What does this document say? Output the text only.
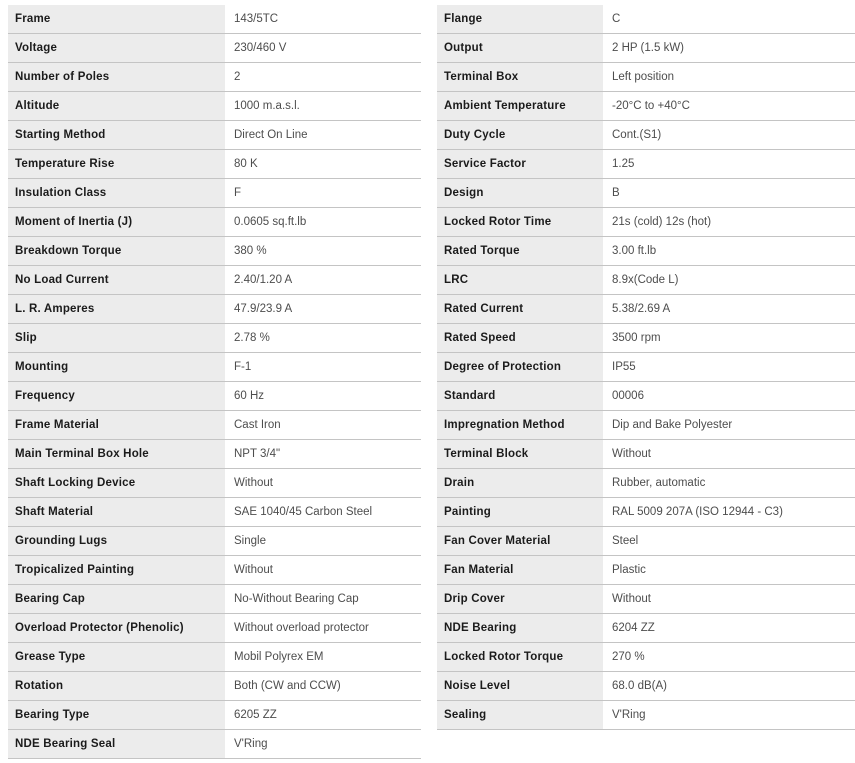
Frame	143/5TC
Voltage	230/460 V
Number of Poles	2
Altitude	1000 m.a.s.l.
Starting Method	Direct On Line
Temperature Rise	80 K
Insulation Class	F
Moment of Inertia (J)	0.0605 sq.ft.lb
Breakdown Torque	380 %
No Load Current	2.40/1.20 A
L. R. Amperes	47.9/23.9 A
Slip	2.78 %
Mounting	F-1
Frequency	60 Hz
Frame Material	Cast Iron
Main Terminal Box Hole	NPT 3/4"
Shaft Locking Device	Without
Shaft Material	SAE 1040/45 Carbon Steel
Grounding Lugs	Single
Tropicalized Painting	Without
Bearing Cap	No-Without Bearing Cap
Overload Protector (Phenolic)	Without overload protector
Grease Type	Mobil Polyrex EM
Rotation	Both (CW and CCW)
Bearing Type	6205 ZZ
NDE Bearing Seal	V'Ring
Flange	C
Output	2 HP (1.5 kW)
Terminal Box	Left position
Ambient Temperature	-20°C to +40°C
Duty Cycle	Cont.(S1)
Service Factor	1.25
Design	B
Locked Rotor Time	21s (cold) 12s (hot)
Rated Torque	3.00 ft.lb
LRC	8.9x(Code L)
Rated Current	5.38/2.69 A
Rated Speed	3500 rpm
Degree of Protection	IP55
Standard	00006
Impregnation Method	Dip and Bake Polyester
Terminal Block	Without
Drain	Rubber, automatic
Painting	RAL 5009 207A (ISO 12944 - C3)
Fan Cover Material	Steel
Fan Material	Plastic
Drip Cover	Without
NDE Bearing	6204 ZZ
Locked Rotor Torque	270 %
Noise Level	68.0 dB(A)
Sealing	V'Ring
